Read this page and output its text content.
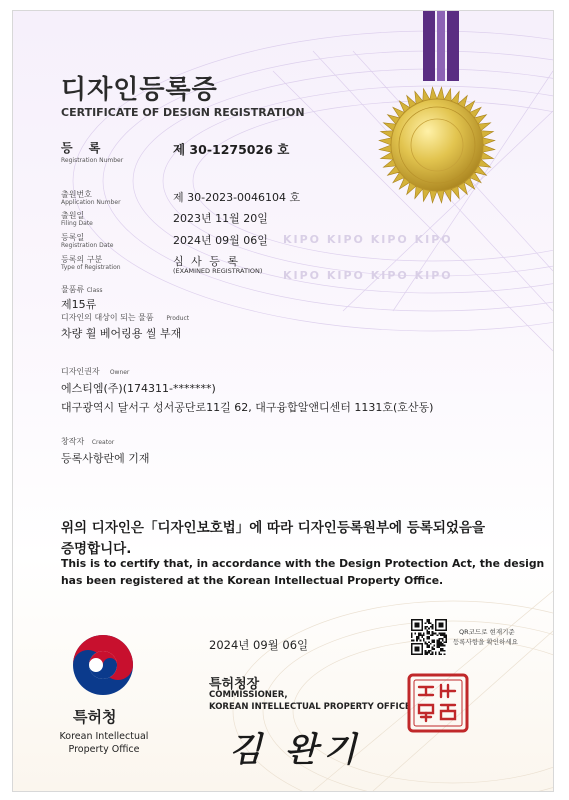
KIPO KIPO KIPO KIPO
KIPO KIPO KIPO KIPO
디자인등록증
CERTIFICATE OF DESIGN REGISTRATION
등 록
Registration Number
제 30-1275026 호
출원번호
Application Number	제 30-2023-0046104 호
출원일
Filing Date	2023년 11월 20일
등록일
Registration Date	2024년 09월 06일
등록의 구분
Type of Registration	심 사 등 록
(EXAMINED REGISTRATION)
물품류 Class
제15류
디자인의 대상이 되는 물품 Product
차량 휠 베어링용 씰 부재
디자인권자 Owner
에스티엠(주)(174311-*******)
대구광역시 달서구 성서공단로11길 62, 대구융합알앤디센터 1131호(호산동)
창작자 Creator
등록사항란에 기재
위의 디자인은「디자인보호법」에 따라 디자인등록원부에 등록되었음을
증명합니다.
This is to certify that, in accordance with the Design Protection Act, the design
has been registered at the Korean Intellectual Property Office.
특허청
Korean Intellectual
Property Office
2024년 09월 06일
특허청장
COMMISSIONER,
KOREAN INTELLECTUAL PROPERTY OFFICE
김 완기
QR코드로 현재기준
등록사항을 확인하세요
